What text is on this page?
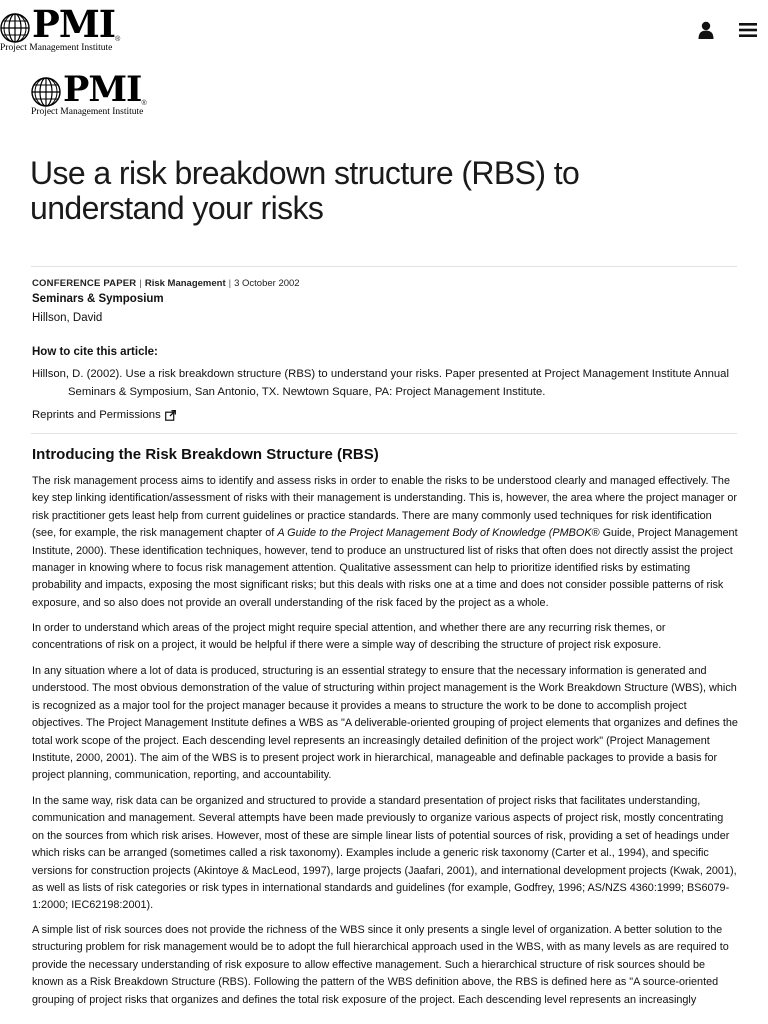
PMI ®
Project Management Institute
PMI ®
Project Management Institute
Use a risk breakdown structure (RBS) to understand your risks
CONFERENCE PAPER | Risk Management | 3 October 2002
Seminars & Symposium
Hillson, David
How to cite this article:
Hillson, D. (2002). Use a risk breakdown structure (RBS) to understand your risks. Paper presented at Project Management Institute Annual Seminars & Symposium, San Antonio, TX. Newtown Square, PA: Project Management Institute.
Reprints and Permissions
Introducing the Risk Breakdown Structure (RBS)

The risk management process aims to identify and assess risks in order to enable the risks to be understood clearly and managed effectively. The key step linking identification/assessment of risks with their management is understanding. This is, however, the area where the project manager or risk practitioner gets least help from current guidelines or practice standards. There are many commonly used techniques for risk identification (see, for example, the risk management chapter of A Guide to the Project Management Body of Knowledge (PMBOK® Guide, Project Management Institute, 2000). These identification techniques, however, tend to produce an unstructured list of risks that often does not directly assist the project manager in knowing where to focus risk management attention. Qualitative assessment can help to prioritize identified risks by estimating probability and impacts, exposing the most significant risks; but this deals with risks one at a time and does not consider possible patterns of risk exposure, and so also does not provide an overall understanding of the risk faced by the project as a whole.

In order to understand which areas of the project might require special attention, and whether there are any recurring risk themes, or concentrations of risk on a project, it would be helpful if there were a simple way of describing the structure of project risk exposure.

In any situation where a lot of data is produced, structuring is an essential strategy to ensure that the necessary information is generated and understood. The most obvious demonstration of the value of structuring within project management is the Work Breakdown Structure (WBS), which is recognized as a major tool for the project manager because it provides a means to structure the work to be done to accomplish project objectives. The Project Management Institute defines a WBS as "A deliverable-oriented grouping of project elements that organizes and defines the total work scope of the project. Each descending level represents an increasingly detailed definition of the project work" (Project Management Institute, 2000, 2001). The aim of the WBS is to present project work in hierarchical, manageable and definable packages to provide a basis for project planning, communication, reporting, and accountability.

In the same way, risk data can be organized and structured to provide a standard presentation of project risks that facilitates understanding, communication and management. Several attempts have been made previously to organize various aspects of project risk, mostly concentrating on the sources from which risk arises. However, most of these are simple linear lists of potential sources of risk, providing a set of headings under which risks can be arranged (sometimes called a risk taxonomy). Examples include a generic risk taxonomy (Carter et al., 1994), and specific versions for construction projects (Akintoye & MacLeod, 1997), large projects (Jaafari, 2001), and international development projects (Kwak, 2001), as well as lists of risk categories or risk types in international standards and guidelines (for example, Godfrey, 1996; AS/NZS 4360:1999; BS6079-1:2000; IEC62198:2001).

A simple list of risk sources does not provide the richness of the WBS since it only presents a single level of organization. A better solution to the structuring problem for risk management would be to adopt the full hierarchical approach used in the WBS, with as many levels as are required to provide the necessary understanding of risk exposure to allow effective management. Such a hierarchical structure of risk sources should be known as a Risk Breakdown Structure (RBS). Following the pattern of the WBS definition above, the RBS is defined here as "A source-oriented grouping of project risks that organizes and defines the total risk exposure of the project. Each descending level represents an increasingly
